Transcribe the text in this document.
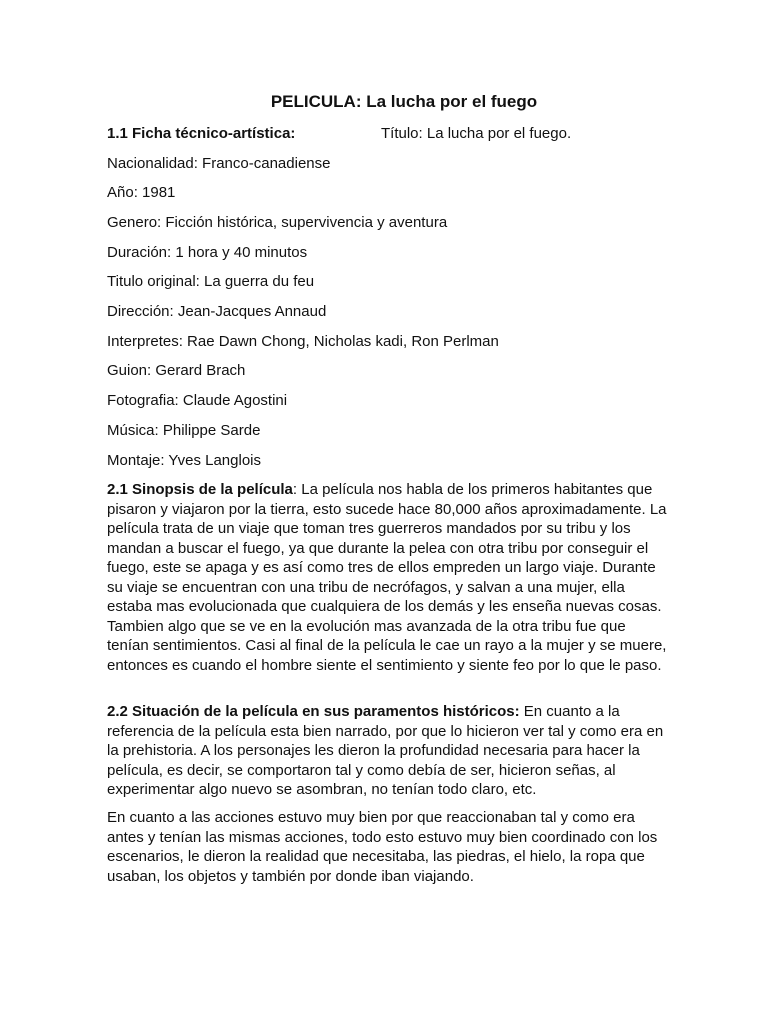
PELICULA: La lucha por el fuego
1.1 Ficha técnico-artística:	Título: La lucha por el fuego.
Nacionalidad: Franco-canadiense
Año: 1981
Genero: Ficción histórica, supervivencia y aventura
Duración: 1 hora y 40 minutos
Titulo original: La guerra du feu
Dirección: Jean-Jacques Annaud
Interpretes: Rae Dawn Chong, Nicholas kadi, Ron Perlman
Guion: Gerard Brach
Fotografia: Claude Agostini
Música: Philippe Sarde
Montaje: Yves Langlois
2.1 Sinopsis de la película: La película nos habla de los primeros habitantes que pisaron y viajaron por la tierra, esto sucede hace 80,000 años aproximadamente. La película trata de un viaje que toman tres guerreros mandados por su tribu y los mandan a buscar el fuego, ya que durante la pelea con otra tribu por conseguir el fuego, este se apaga y es así como tres de ellos empreden un largo viaje. Durante su viaje se encuentran con una tribu de necrófagos, y salvan a una mujer, ella estaba mas evolucionada que cualquiera de los demás y les enseña nuevas cosas. Tambien algo que se ve en la evolución mas avanzada de la otra tribu fue que tenían sentimientos. Casi al final de la película le cae un rayo a la mujer y se muere, entonces es cuando el hombre siente el sentimiento y siente feo por lo que le paso.
2.2 Situación de la película en sus paramentos históricos: En cuanto a la referencia de la película esta bien narrado, por que lo hicieron ver tal y como era en la prehistoria. A los personajes les dieron la profundidad necesaria para hacer la película, es decir, se comportaron tal y como debía de ser, hicieron señas, al experimentar algo nuevo se asombran, no tenían todo claro, etc.
En cuanto a las acciones estuvo muy bien por que reaccionaban tal y como era antes y tenían las mismas acciones, todo esto estuvo muy bien coordinado con los escenarios, le dieron la realidad que necesitaba, las piedras, el hielo, la ropa que usaban, los objetos y también por donde iban viajando.
